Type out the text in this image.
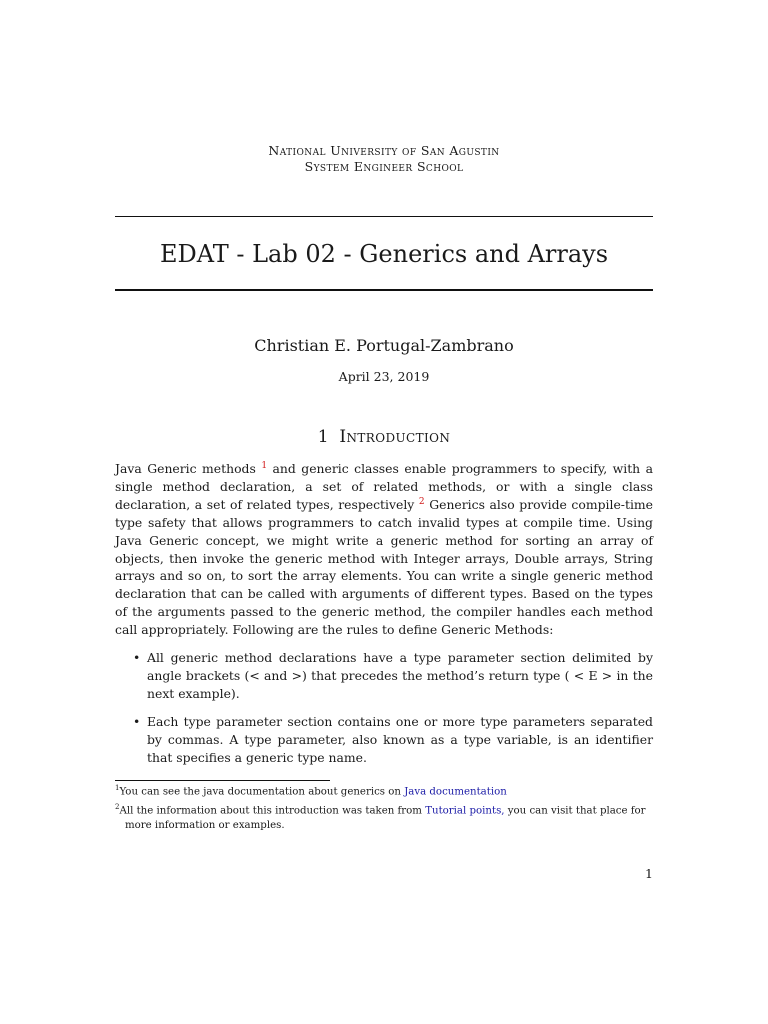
National University of San Agustin
System Engineer School
EDAT - Lab 02 - Generics and Arrays
Christian E. Portugal-Zambrano
April 23, 2019
1 Introduction

Java Generic methods $^1$ and generic classes enable programmers to specify, with a single method declaration, a set of related methods, or with a single class declaration, a set of related types, respectively $^2$ Generics also provide compile-time type safety that allows programmers to catch invalid types at compile time. Using Java Generic concept, we might write a generic method for sorting an array of objects, then invoke the generic method with Integer arrays, Double arrays, String arrays and so on, to sort the array elements. You can write a single generic method declaration that can be called with arguments of different types. Based on the types of the arguments passed to the generic method, the compiler handles each method call appropriately. Following are the rules to define Generic Methods:

• All generic method declarations have a type parameter section delimited by angle brackets (< and >) that precedes the method’s return type ( < E > in the next example).
• Each type parameter section contains one or more type parameters separated by commas. A type parameter, also known as a type variable, is an identifier that specifies a generic type name.
$^1$You can see the java documentation about generics on Java documentation
$^2$All the information about this introduction was taken from Tutorial points, you can visit that place for more information or examples.
1
